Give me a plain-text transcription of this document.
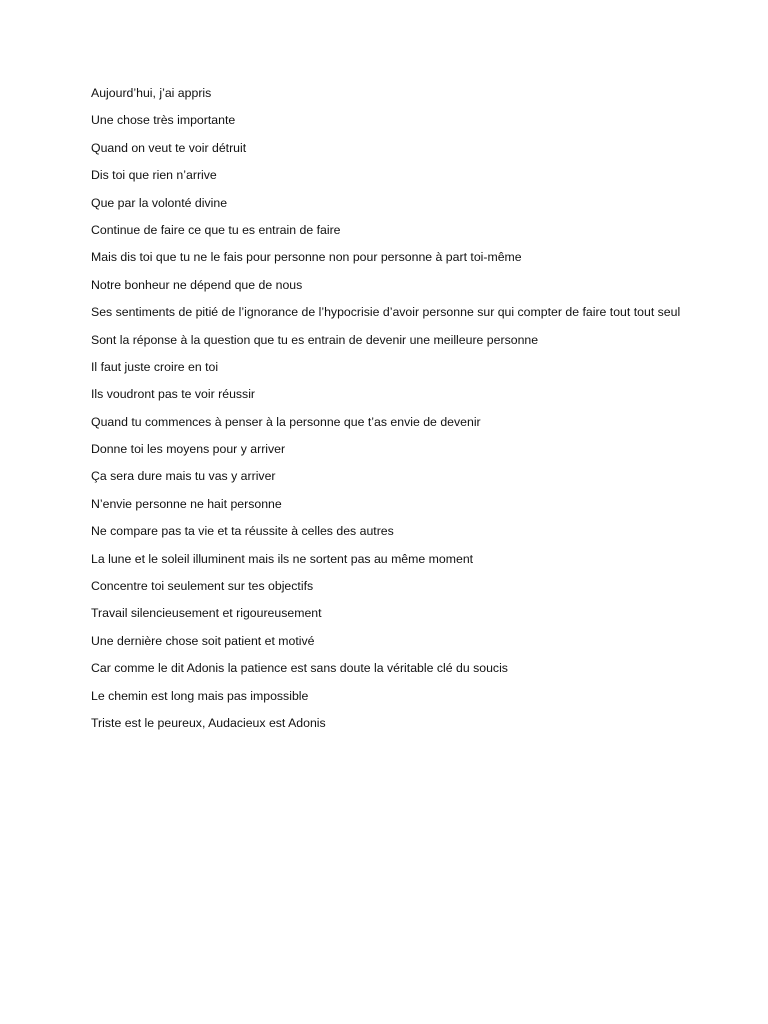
Aujourd’hui, j’ai appris

Une chose très importante

Quand on veut te voir détruit

Dis toi que rien n’arrive

Que par la volonté divine

Continue de faire ce que tu es entrain de faire

Mais dis toi que tu ne le fais pour personne non pour personne à part toi-même

Notre bonheur ne dépend que de nous

Ses sentiments de pitié de l’ignorance de l’hypocrisie d’avoir personne sur qui compter de faire tout tout seul

Sont la réponse à la question que tu es entrain de devenir une meilleure personne

Il faut juste croire en toi

Ils voudront pas te voir réussir

Quand tu commences à penser à la personne que t’as envie de devenir

Donne toi les moyens pour y arriver

Ça sera dure mais tu vas y arriver

N’envie personne ne hait personne

Ne compare pas ta vie et ta réussite à celles des autres

La lune et le soleil illuminent mais ils ne sortent pas au même moment

Concentre toi seulement sur tes objectifs

Travail silencieusement et rigoureusement

Une dernière chose soit patient et motivé

Car comme le dit Adonis la patience est sans doute la véritable clé du soucis

Le chemin est long mais pas impossible

Triste est le peureux, Audacieux est Adonis
